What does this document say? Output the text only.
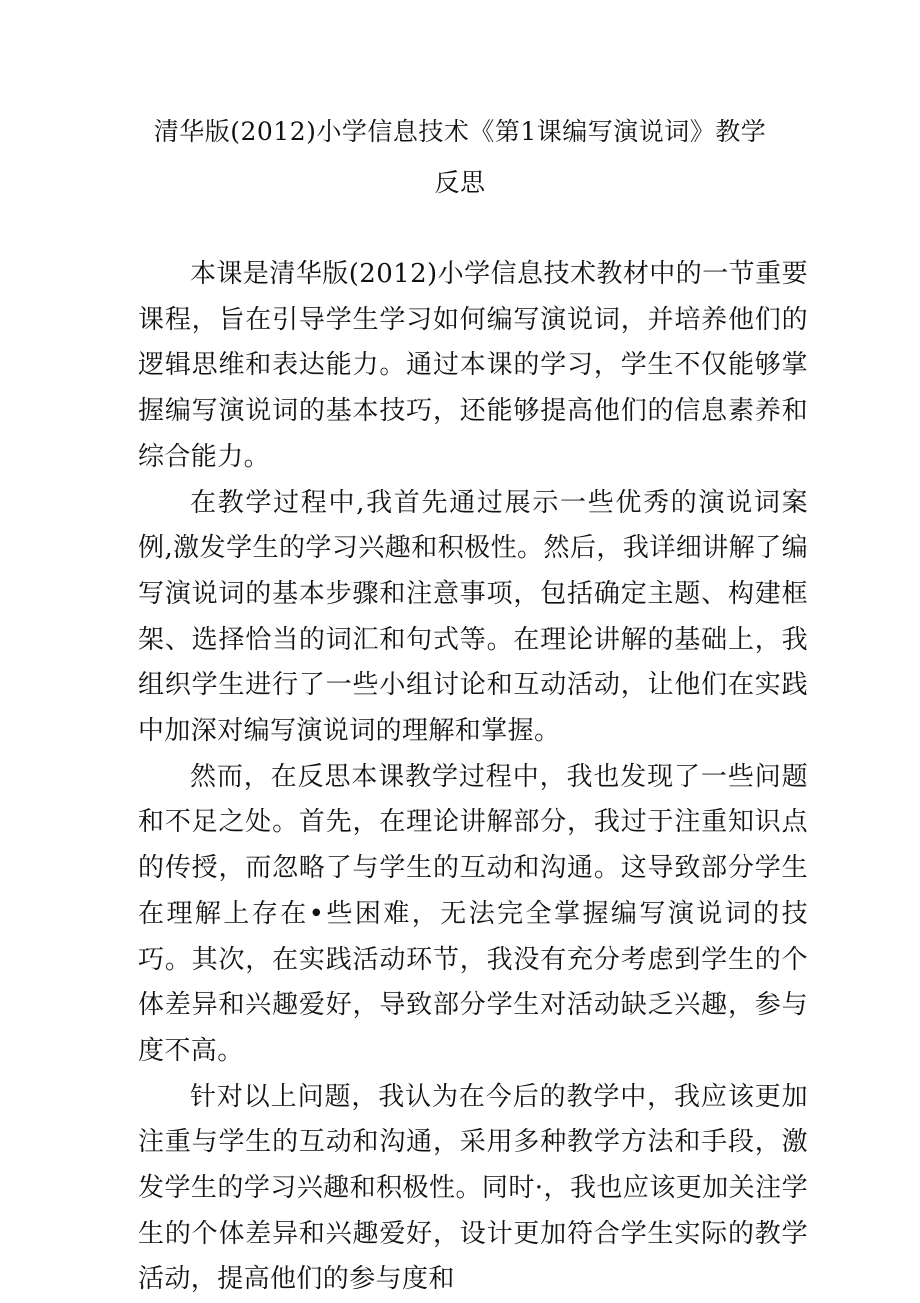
清华版(2012)小学信息技术《第1课编写演说词》教学
反思

本课是清华版(2012)小学信息技术教材中的一节重要课程，旨在引导学生学习如何编写演说词，并培养他们的逻辑思维和表达能力。通过本课的学习，学生不仅能够掌握编写演说词的基本技巧，还能够提高他们的信息素养和综合能力。

在教学过程中,我首先通过展示一些优秀的演说词案例,激发学生的学习兴趣和积极性。然后，我详细讲解了编写演说词的基本步骤和注意事项，包括确定主题、构建框架、选择恰当的词汇和句式等。在理论讲解的基础上，我组织学生进行了一些小组讨论和互动活动，让他们在实践中加深对编写演说词的理解和掌握。

然而，在反思本课教学过程中，我也发现了一些问题和不足之处。首先，在理论讲解部分，我过于注重知识点的传授，而忽略了与学生的互动和沟通。这导致部分学生在理解上存在•些困难，无法完全掌握编写演说词的技巧。其次，在实践活动环节，我没有充分考虑到学生的个体差异和兴趣爱好，导致部分学生对活动缺乏兴趣，参与度不高。

针对以上问题，我认为在今后的教学中，我应该更加注重与学生的互动和沟通，采用多种教学方法和手段，激发学生的学习兴趣和积极性。同时·，我也应该更加关注学生的个体差异和兴趣爱好，设计更加符合学生实际的教学活动，提高他们的参与度和
